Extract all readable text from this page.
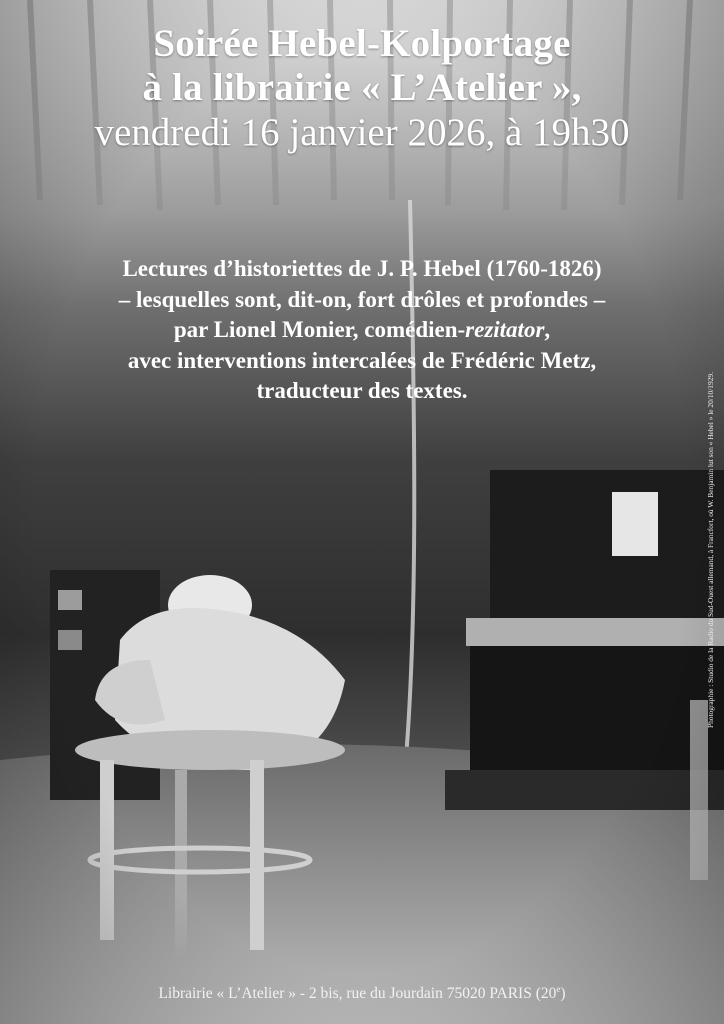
Soirée Hebel-Kolportage
à la librairie « L’Atelier »,
vendredi 16 janvier 2026, à 19h30
Lectures d’historiettes de J. P. Hebel (1760-1826)
– lesquelles sont, dit-on, fort drôles et profondes –
par Lionel Monier, comédien-rezitator,
avec interventions intercalées de Frédéric Metz,
traducteur des textes.	Photographie : Studio de la Radio du Sud-Ouest allemand, à Francfort, où W. Benjamin lut son « Hebel » le 20/10/1929.
Librairie « L’Atelier » - 2 bis, rue du Jourdain 75020 PARIS (20e)
